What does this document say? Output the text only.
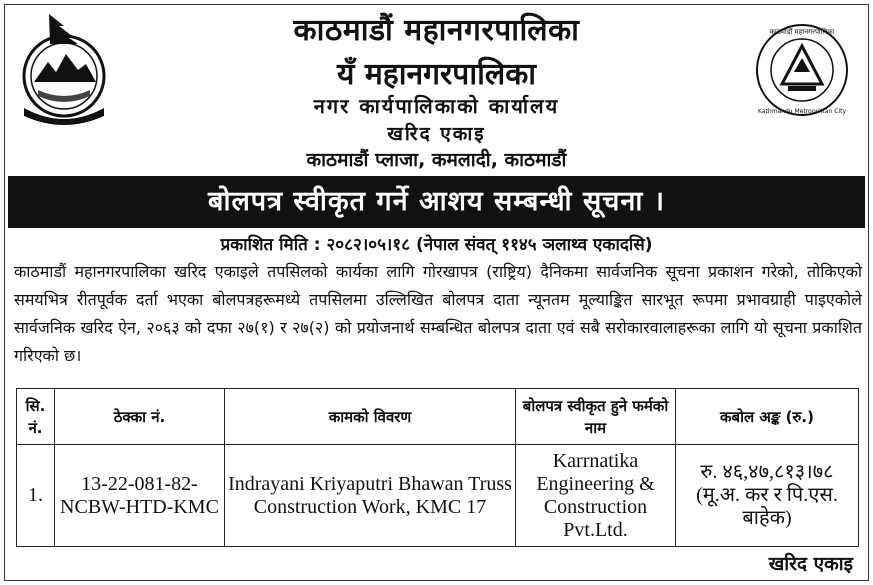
काठमाडौं महानगरपालिका
Kathmandu Metropolitan City
काठमाडौं महानगरपालिका
यँ महानगरपालिका
नगर कार्यपालिकाको कार्यालय
खरिद एकाइ
काठमाडौं प्लाजा, कमलादी, काठमाडौं
बोलपत्र स्वीकृत गर्ने आशय सम्बन्धी सूचना ।
प्रकाशित मिति : २०८२।०५।१८ (नेपाल संवत् ११४५ ञलाथ्व एकादसि)
काठमाडौं महानगरपालिका खरिद एकाइले तपसिलको कार्यका लागि गोरखापत्र (राष्ट्रिय) दैनिकमा सार्वजनिक सूचना प्रकाशन गरेको, तोकिएको समयभित्र रीतपूर्वक दर्ता भएका बोलपत्रहरूमध्ये तपसिलमा उल्लिखित बोलपत्र दाता न्यूनतम मूल्याङ्कित सारभूत रूपमा प्रभावग्राही पाइएकोले सार्वजनिक खरिद ऐन, २०६३ को दफा २७(१) र २७(२) को प्रयोजनार्थ सम्बन्धित बोलपत्र दाता एवं सबै सरोकारवालाहरूका लागि यो सूचना प्रकाशित गरिएको छ।
सि. नं.	ठेक्का नं.	कामको विवरण	बोलपत्र स्वीकृत हुने फर्मको नाम	कबोल अङ्क (रु.)
1.	13-22-081-82-NCBW-HTD-KMC	Indrayani Kriyaputri Bhawan Truss Construction Work, KMC 17	Karrnatika Engineering & Construction Pvt.Ltd.	रु. ४६,४७,८१३।७८
(मू.अ. कर र पि.एस. बाहेक)
खरिद एकाइ
